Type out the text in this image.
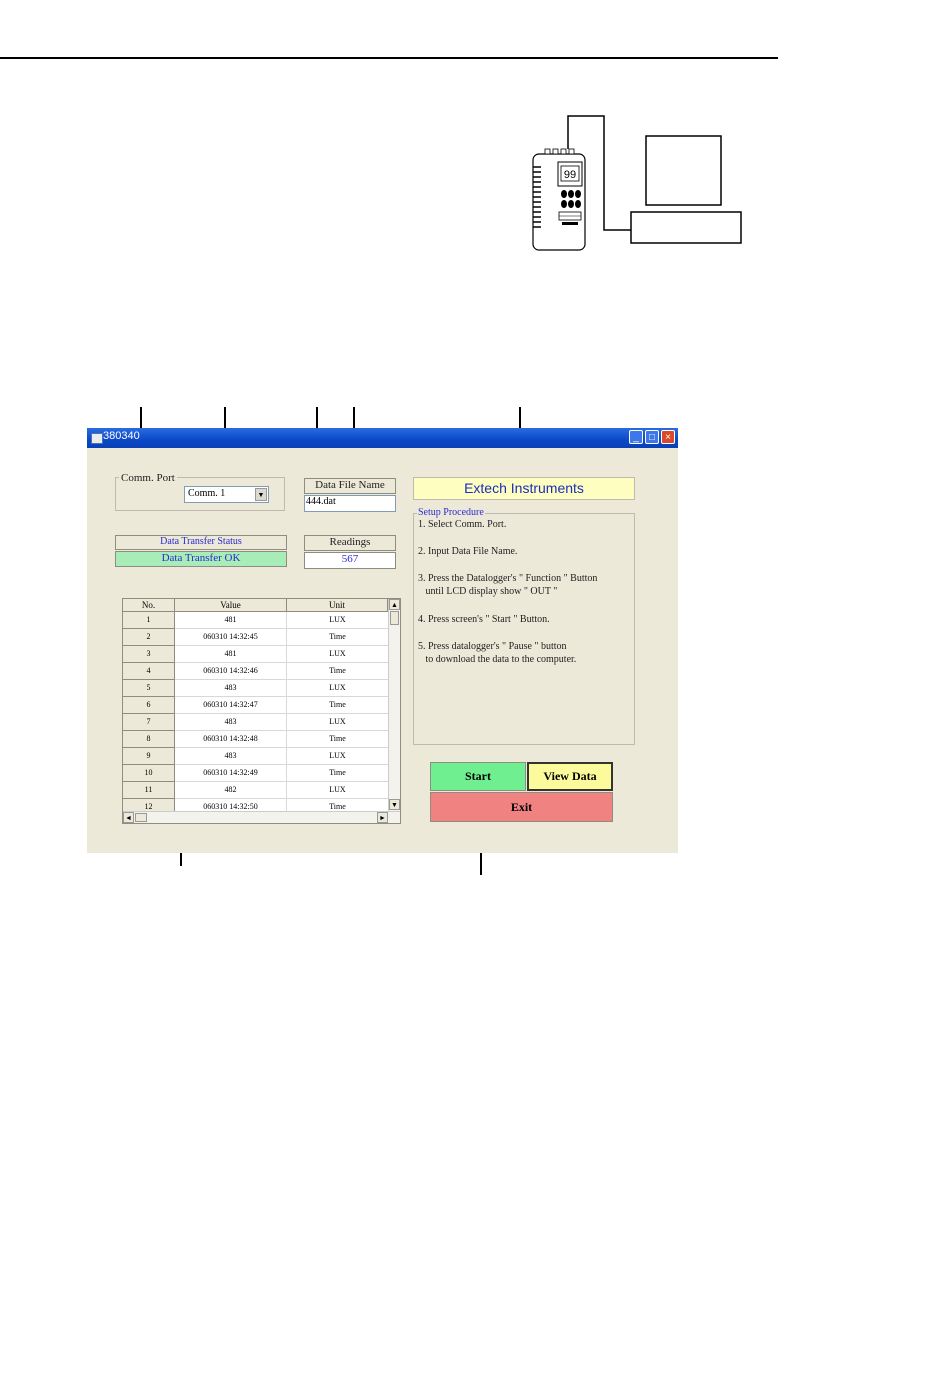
99
380340	_	□	×
Comm. Port
Comm. 1	▼
Data File Name
444.dat
Data Transfer Status
Data Transfer OK
Readings
567
No.	Value	Unit
1	481	LUX
2	060310 14:32:45	Time
3	481	LUX
4	060310 14:32:46	Time
5	483	LUX
6	060310 14:32:47	Time
7	483	LUX
8	060310 14:32:48	Time
9	483	LUX
10	060310 14:32:49	Time
11	482	LUX
12	060310 14:32:50	Time
▲
▼
◄	►
Extech Instruments
Setup Procedure
1. Select Comm. Port.
2. Input Data File Name.
3. Press the Datalogger's " Function " Button
until LCD display show " OUT "
4. Press screen's " Start " Button.
5. Press datalogger's " Pause " button
to download the data to the computer.
Start	View Data
Exit
